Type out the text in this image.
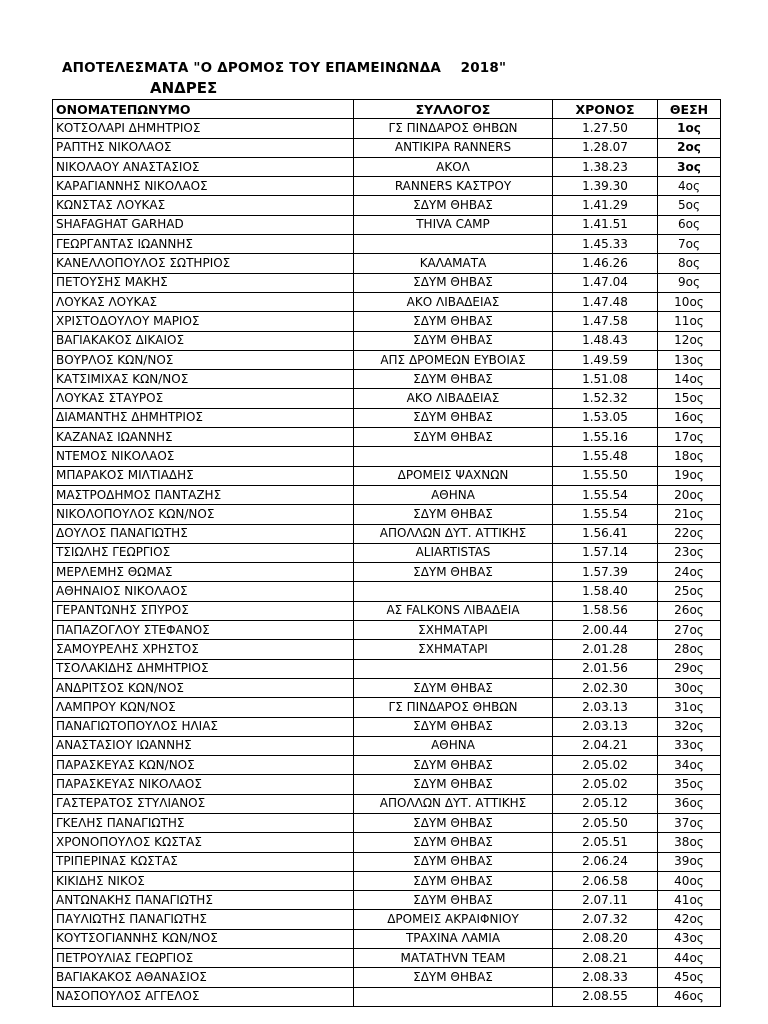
ΑΠΟΤΕΛΕΣΜΑΤΑ "Ο ΔΡΟΜΟΣ ΤΟΥ ΕΠΑΜΕΙΝΩΝΔΑ    2018"
ΑΝΔΡΕΣ
ΟΝΟΜΑΤΕΠΩΝΥΜΟ	ΣΥΛΛΟΓΟΣ	ΧΡΟΝΟΣ	ΘΕΣΗ
ΚΟΤΣΟΛΑΡΙ ΔΗΜΗΤΡΙΟΣ	ΓΣ ΠΙΝΔΑΡΟΣ ΘΗΒΩΝ	1.27.50	1ος
ΡΑΠΤΗΣ ΝΙΚΟΛΑΟΣ	ΑΝΤΙΚΙΡΑ RANNERS	1.28.07	2ος
ΝΙΚΟΛΑΟΥ ΑΝΑΣΤΑΣΙΟΣ	ΑΚΟΛ	1.38.23	3ος
ΚΑΡΑΓΙΑΝΝΗΣ ΝΙΚΟΛΑΟΣ	RANNERS ΚΑΣΤΡΟΥ	1.39.30	4ος
ΚΩΝΣΤΑΣ ΛΟΥΚΑΣ	ΣΔΥΜ ΘΗΒΑΣ	1.41.29	5ος
SHAFAGHAT GARHAD	THIVA CAMP	1.41.51	6ος
ΓΕΩΡΓΑΝΤΑΣ ΙΩΑΝΝΗΣ		1.45.33	7ος
ΚΑΝΕΛΛΟΠΟΥΛΟΣ ΣΩΤΗΡΙΟΣ	ΚΑΛΑΜΑΤΑ	1.46.26	8ος
ΠΕΤΟΥΣΗΣ ΜΑΚΗΣ	ΣΔΥΜ ΘΗΒΑΣ	1.47.04	9ος
ΛΟΥΚΑΣ ΛΟΥΚΑΣ	ΑΚΟ ΛΙΒΑΔΕΙΑΣ	1.47.48	10ος
ΧΡΙΣΤΟΔΟΥΛΟΥ ΜΑΡΙΟΣ	ΣΔΥΜ ΘΗΒΑΣ	1.47.58	11ος
ΒΑΓΙΑΚΑΚΟΣ ΔΙΚΑΙΟΣ	ΣΔΥΜ ΘΗΒΑΣ	1.48.43	12ος
ΒΟΥΡΛΟΣ ΚΩΝ/ΝΟΣ	ΑΠΣ ΔΡΟΜΕΩΝ ΕΥΒΟΙΑΣ	1.49.59	13ος
ΚΑΤΣΙΜΙΧΑΣ ΚΩΝ/ΝΟΣ	ΣΔΥΜ ΘΗΒΑΣ	1.51.08	14ος
ΛΟΥΚΑΣ ΣΤΑΥΡΟΣ	ΑΚΟ ΛΙΒΑΔΕΙΑΣ	1.52.32	15ος
ΔΙΑΜΑΝΤΗΣ ΔΗΜΗΤΡΙΟΣ	ΣΔΥΜ ΘΗΒΑΣ	1.53.05	16ος
ΚΑΖΑΝΑΣ ΙΩΑΝΝΗΣ	ΣΔΥΜ ΘΗΒΑΣ	1.55.16	17ος
ΝΤΕΜΟΣ ΝΙΚΟΛΑΟΣ		1.55.48	18ος
ΜΠΑΡΑΚΟΣ ΜΙΛΤΙΑΔΗΣ	ΔΡΟΜΕΙΣ ΨΑΧΝΩΝ	1.55.50	19ος
ΜΑΣΤΡΟΔΗΜΟΣ ΠΑΝΤΑΖΗΣ	ΑΘΗΝΑ	1.55.54	20ος
ΝΙΚΟΛΟΠΟΥΛΟΣ ΚΩΝ/ΝΟΣ	ΣΔΥΜ ΘΗΒΑΣ	1.55.54	21ος
ΔΟΥΛΟΣ ΠΑΝΑΓΙΩΤΗΣ	ΑΠΟΛΛΩΝ ΔΥΤ. ΑΤΤΙΚΗΣ	1.56.41	22ος
ΤΣΙΩΛΗΣ ΓΕΩΡΓΙΟΣ	ALIARTISTAS	1.57.14	23ος
ΜΕΡΛΕΜΗΣ ΘΩΜΑΣ	ΣΔΥΜ ΘΗΒΑΣ	1.57.39	24ος
ΑΘΗΝΑΙΟΣ ΝΙΚΟΛΑΟΣ		1.58.40	25ος
ΓΕΡΑΝΤΩΝΗΣ ΣΠΥΡΟΣ	ΑΣ FALKONS ΛΙΒΑΔΕΙΑ	1.58.56	26ος
ΠΑΠΑΖΟΓΛΟΥ ΣΤΕΦΑΝΟΣ	ΣΧΗΜΑΤΑΡΙ	2.00.44	27ος
ΣΑΜΟΥΡΕΛΗΣ ΧΡΗΣΤΟΣ	ΣΧΗΜΑΤΑΡΙ	2.01.28	28ος
ΤΣΟΛΑΚΙΔΗΣ ΔΗΜΗΤΡΙΟΣ		2.01.56	29ος
ΑΝΔΡΙΤΣΟΣ ΚΩΝ/ΝΟΣ	ΣΔΥΜ ΘΗΒΑΣ	2.02.30	30ος
ΛΑΜΠΡΟΥ ΚΩΝ/ΝΟΣ	ΓΣ ΠΙΝΔΑΡΟΣ ΘΗΒΩΝ	2.03.13	31ος
ΠΑΝΑΓΙΩΤΟΠΟΥΛΟΣ ΗΛΙΑΣ	ΣΔΥΜ ΘΗΒΑΣ	2.03.13	32ος
ΑΝΑΣΤΑΣΙΟΥ ΙΩΑΝΝΗΣ	ΑΘΗΝΑ	2.04.21	33ος
ΠΑΡΑΣΚΕΥΑΣ ΚΩΝ/ΝΟΣ	ΣΔΥΜ ΘΗΒΑΣ	2.05.02	34ος
ΠΑΡΑΣΚΕΥΑΣ ΝΙΚΟΛΑΟΣ	ΣΔΥΜ ΘΗΒΑΣ	2.05.02	35ος
ΓΑΣΤΕΡΑΤΟΣ ΣΤΥΛΙΑΝΟΣ	ΑΠΟΛΛΩΝ ΔΥΤ. ΑΤΤΙΚΗΣ	2.05.12	36ος
ΓΚΕΛΗΣ ΠΑΝΑΓΙΩΤΗΣ	ΣΔΥΜ ΘΗΒΑΣ	2.05.50	37ος
ΧΡΟΝΟΠΟΥΛΟΣ ΚΩΣΤΑΣ	ΣΔΥΜ ΘΗΒΑΣ	2.05.51	38ος
ΤΡΙΠΕΡΙΝΑΣ ΚΩΣΤΑΣ	ΣΔΥΜ ΘΗΒΑΣ	2.06.24	39ος
ΚΙΚΙΔΗΣ ΝΙΚΟΣ	ΣΔΥΜ ΘΗΒΑΣ	2.06.58	40ος
ΑΝΤΩΝΑΚΗΣ ΠΑΝΑΓΙΩΤΗΣ	ΣΔΥΜ ΘΗΒΑΣ	2.07.11	41ος
ΠΑΥΛΙΩΤΗΣ ΠΑΝΑΓΙΩΤΗΣ	ΔΡΟΜΕΙΣ ΑΚΡΑΙΦΝΙΟΥ	2.07.32	42ος
ΚΟΥΤΣΟΓΙΑΝΝΗΣ ΚΩΝ/ΝΟΣ	ΤΡΑΧΙΝΑ ΛΑΜΙΑ	2.08.20	43ος
ΠΕΤΡΟΥΛΙΑΣ ΓΕΩΡΓΙΟΣ	ΜΑΤΑΤΗVN TEAM	2.08.21	44ος
ΒΑΓΙΑΚΑΚΟΣ ΑΘΑΝΑΣΙΟΣ	ΣΔΥΜ ΘΗΒΑΣ	2.08.33	45ος
ΝΑΣΟΠΟΥΛΟΣ ΑΓΓΕΛΟΣ		2.08.55	46ος
